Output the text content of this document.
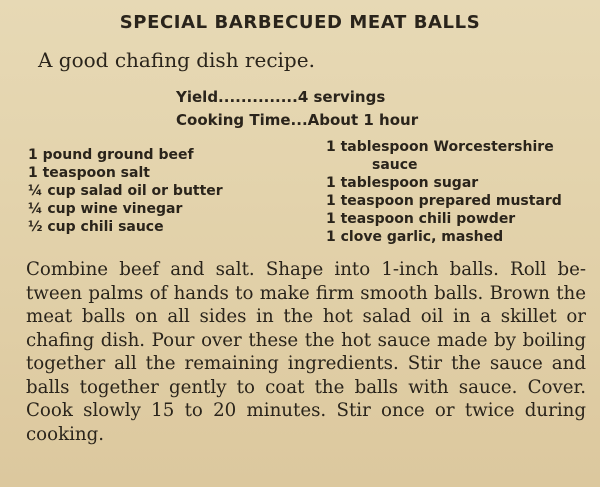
SPECIAL BARBECUED MEAT BALLS

A good chafing dish recipe.

Yield..............4 servings
Cooking Time...About 1 hour
1 pound ground beef
1 teaspoon salt
¼ cup salad oil or butter
¼ cup wine vinegar
½ cup chili sauce
1 tablespoon Worcestershire
sauce
1 tablespoon sugar
1 teaspoon prepared mustard
1 teaspoon chili powder
1 clove garlic, mashed

Combine beef and salt. Shape into 1-inch balls. Roll be-
tween palms of hands to make firm smooth balls. Brown the
meat balls on all sides in the hot salad oil in a skillet or
chafing dish. Pour over these the hot sauce made by boiling
together all the remaining ingredients. Stir the sauce and
balls together gently to coat the balls with sauce. Cover.
Cook slowly 15 to 20 minutes. Stir once or twice during
cooking.
